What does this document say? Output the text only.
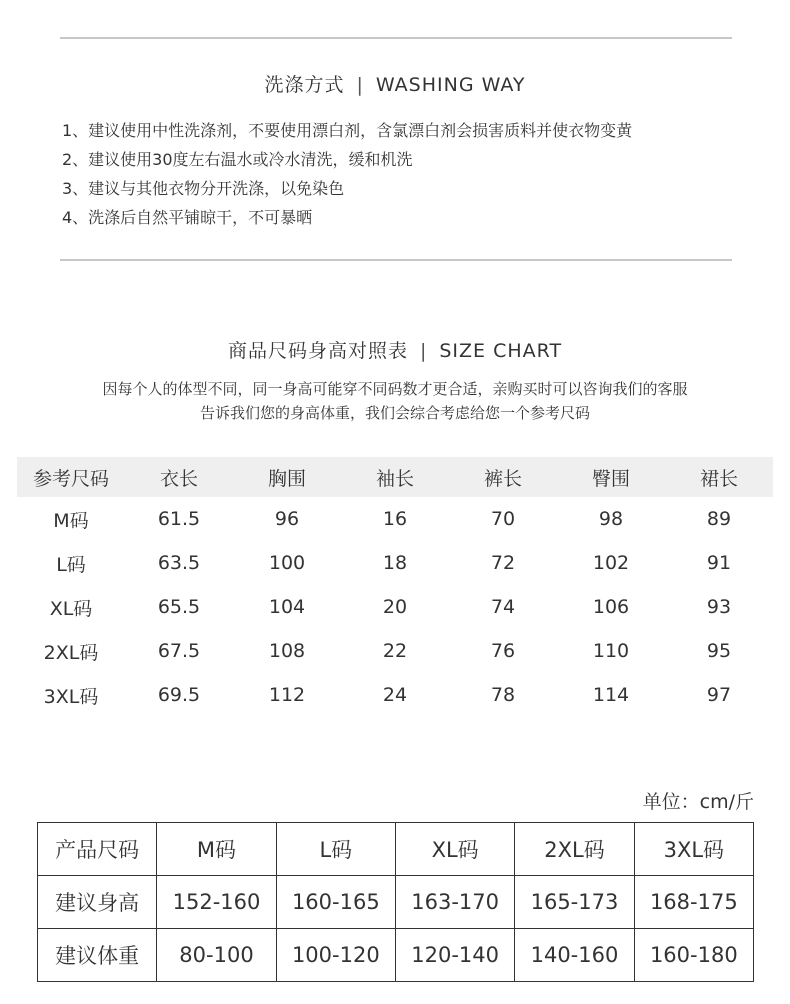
洗涤方式 | WASHING WAY
1、建议使用中性洗涤剂，不要使用漂白剂，含氯漂白剂会损害质料并使衣物变黄
2、建议使用30度左右温水或冷水清洗，缓和机洗
3、建议与其他衣物分开洗涤，以免染色
4、洗涤后自然平铺晾干，不可暴晒
商品尺码身高对照表 | SIZE CHART
因每个人的体型不同，同一身高可能穿不同码数才更合适，亲购买时可以咨询我们的客服
告诉我们您的身高体重，我们会综合考虑给您一个参考尺码
参考尺码	衣长	胸围	袖长	裤长	臀围	裙长
M码	61.5	96	16	70	98	89
L码	63.5	100	18	72	102	91
XL码	65.5	104	20	74	106	93
2XL码	67.5	108	22	76	110	95
3XL码	69.5	112	24	78	114	97
单位：cm/斤
产品尺码	M码	L码	XL码	2XL码	3XL码
建议身高	152-160	160-165	163-170	165-173	168-175
建议体重	80-100	100-120	120-140	140-160	160-180
